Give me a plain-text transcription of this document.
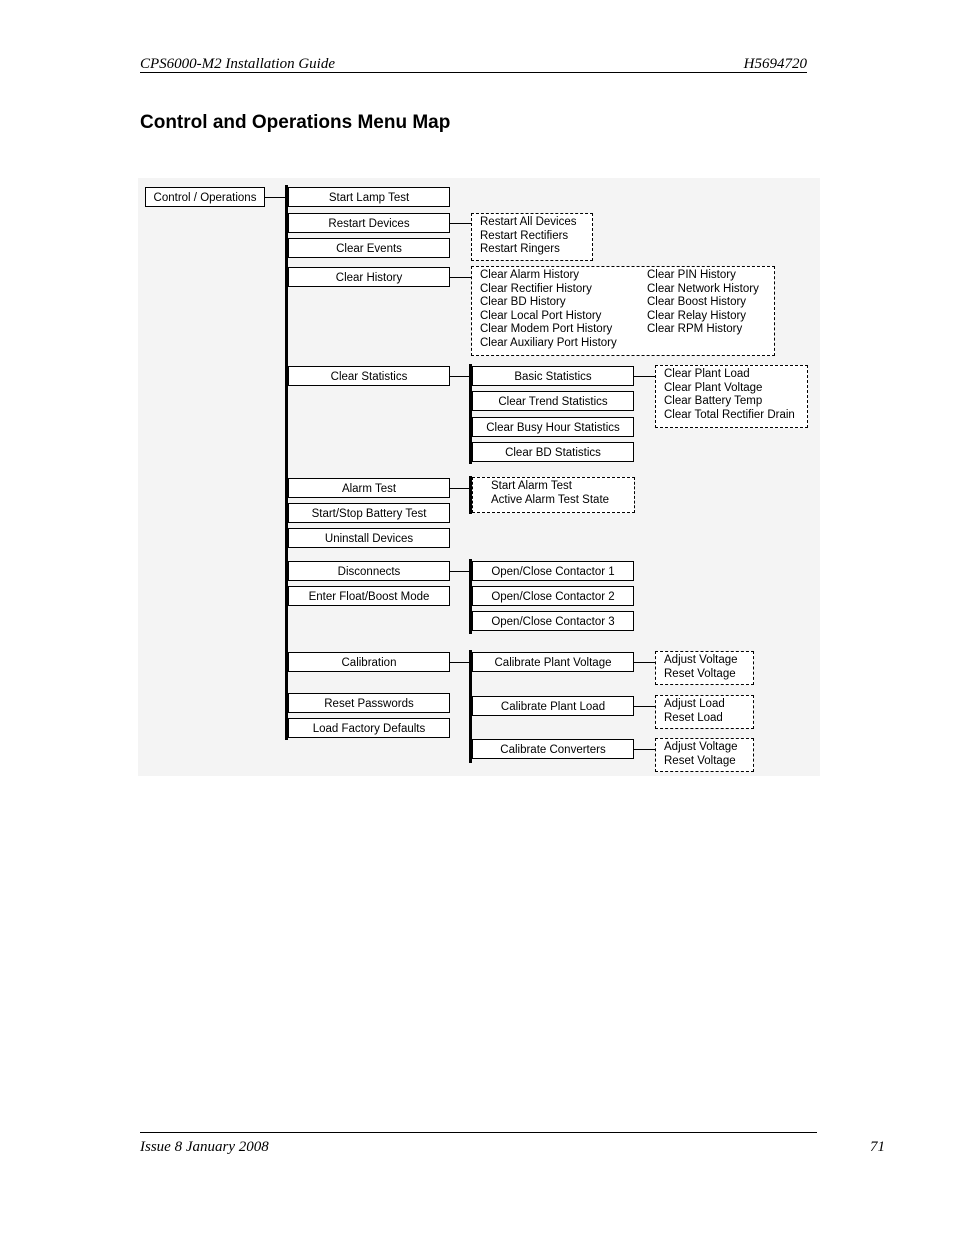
CPS6000-M2 Installation Guide	H5694720
Control and Operations Menu Map
Control / Operations	Start Lamp Test
Restart Devices
Clear Events
Clear History
Clear Statistics
Alarm Test
Start/Stop Battery Test
Uninstall Devices
Disconnects
Enter Float/Boost Mode
Calibration
Reset Passwords
Load Factory Defaults
Restart All Devices
Restart Rectifiers
Restart Ringers
Clear Alarm History
Clear Rectifier History
Clear BD History
Clear Local Port History
Clear Modem Port History
Clear Auxiliary Port History
Clear PIN History
Clear Network History
Clear Boost History
Clear Relay History
Clear RPM History
Basic Statistics
Clear Trend Statistics
Clear Busy Hour Statistics
Clear BD Statistics
Clear Plant Load
Clear Plant Voltage
Clear Battery Temp
Clear Total Rectifier Drain
Start Alarm Test
Active Alarm Test State
Open/Close Contactor 1
Open/Close Contactor 2
Open/Close Contactor 3
Calibrate Plant Voltage
Calibrate Plant Load
Calibrate Converters
Adjust Voltage
Reset Voltage
Adjust Load
Reset Load
Adjust Voltage
Reset Voltage
Issue 8 January 2008	71
